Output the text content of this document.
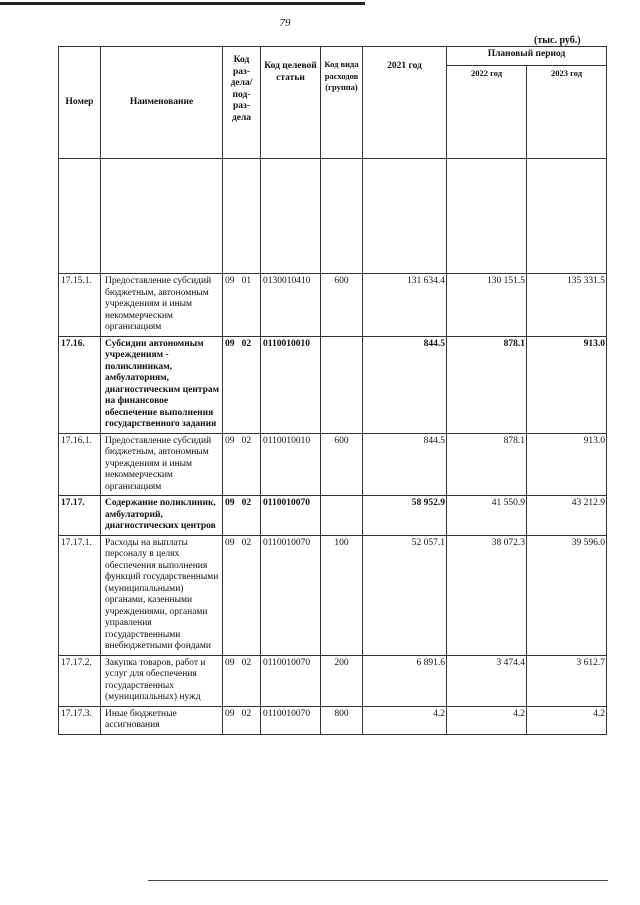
79
(тыс. руб.)
Номер	Наименование	Код раз- дела/ под- раз- дела	Код целевой статьи	Код вида расходов (группа)	2021 год	Плановый период	
						2022 год	2023 год

17.15.1.	Предоставление субсидий бюджетным, автономным учреждениям и иным некоммерческим организациям	09 01	0130010410	600	131 634.4	130 151.5	135 331.5
17.16.	Субсидии автономным учреждениям - поликлиникам, амбулаториям, диагностическим центрам на финансовое обеспечение выполнения государственного задания	09 02	0110010010		844.5	878.1	913.0
17.16.1.	Предоставление субсидий бюджетным, автономным учреждениям и иным некоммерческим организациям	09 02	0110010010	600	844.5	878.1	913.0
17.17.	Содержание поликлиник, амбулаторий, диагностических центров	09 02	0110010070		58 952.9	41 550.9	43 212.9
17.17.1.	Расходы на выплаты персоналу в целях обеспечения выполнения функций государственными (муниципальными) органами, казенными учреждениями, органами управления государственными внебюджетными фондами	09 02	0110010070	100	52 057.1	38 072.3	39 596.0
17.17.2.	Закупка товаров, работ и услуг для обеспечения государственных (муниципальных) нужд	09 02	0110010070	200	6 891.6	3 474.4	3 612.7
17.17.3.	Иные бюджетные ассигнования	09 02	0110010070	800	4.2	4.2	4.2
